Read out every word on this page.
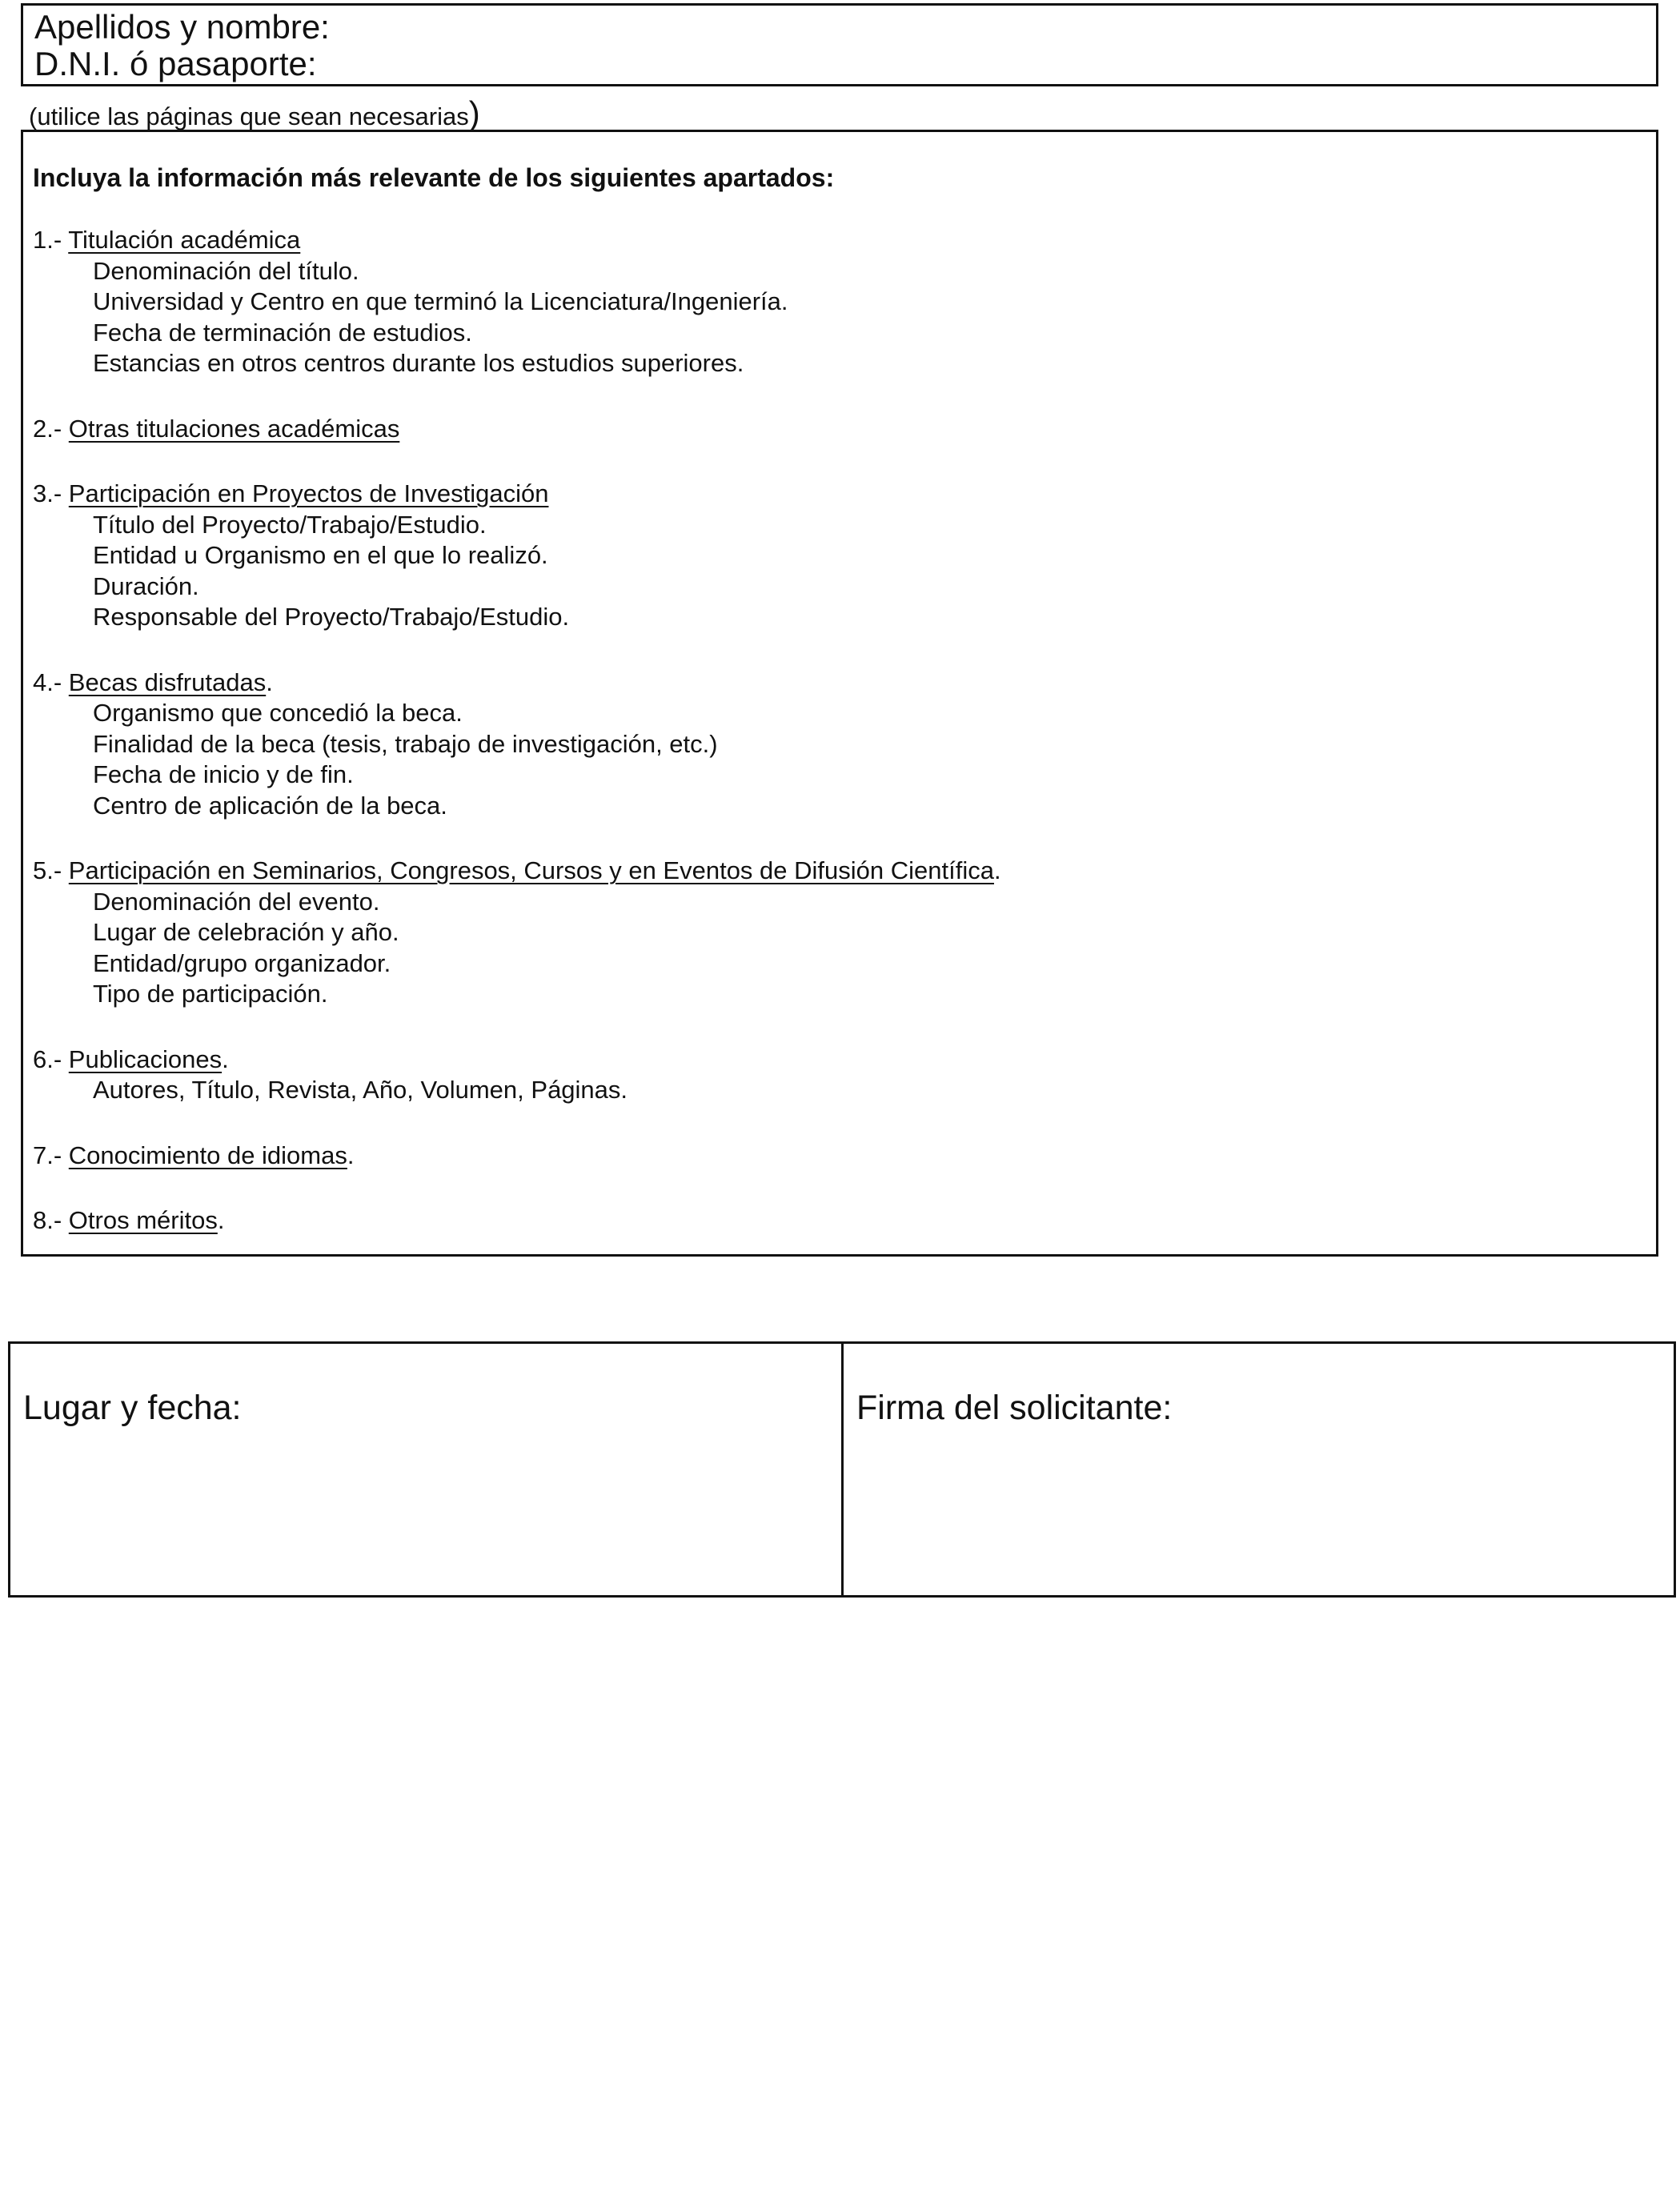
Apellidos y nombre:
D.N.I. ó pasaporte:
(utilice las páginas que sean necesarias)
Incluya la información más relevante de los siguientes apartados:
1.- Titulación académica
Denominación del título.
Universidad y Centro en que terminó la Licenciatura/Ingeniería.
Fecha de terminación de estudios.
Estancias en otros centros durante los estudios superiores.
2.- Otras titulaciones académicas
3.- Participación en Proyectos de Investigación
Título del Proyecto/Trabajo/Estudio.
Entidad u Organismo en el que lo realizó.
Duración.
Responsable del Proyecto/Trabajo/Estudio.
4.- Becas disfrutadas.
Organismo que concedió la beca.
Finalidad de la beca (tesis, trabajo de investigación, etc.)
Fecha de inicio y de fin.
Centro de aplicación de la beca.
5.- Participación en Seminarios, Congresos, Cursos y en Eventos de Difusión Científica.
Denominación del evento.
Lugar de celebración y año.
Entidad/grupo organizador.
Tipo de participación.
6.- Publicaciones.
Autores, Título, Revista, Año, Volumen, Páginas.
7.- Conocimiento de idiomas.
8.- Otros méritos.
Lugar y fecha:	Firma del solicitante:
